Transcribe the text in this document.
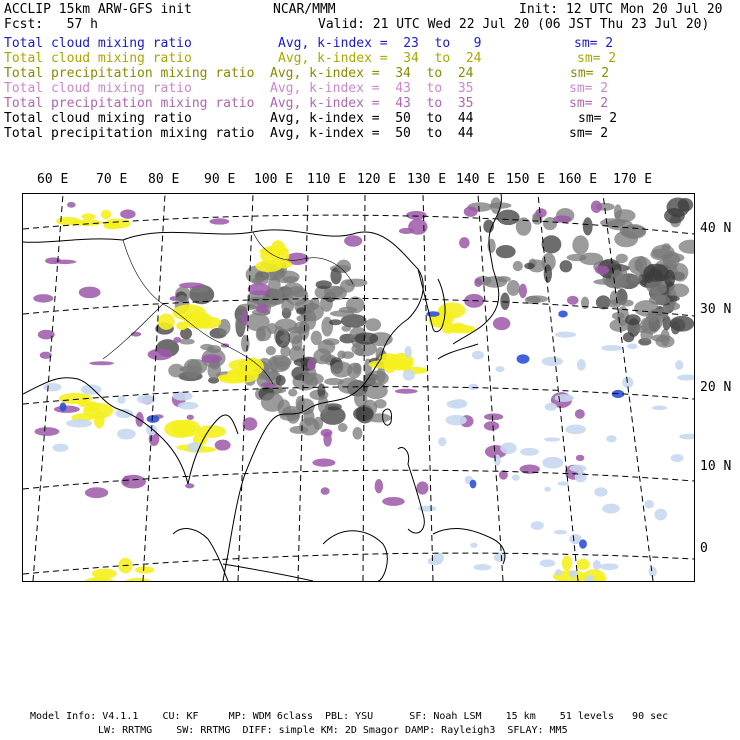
ACCLIP 15km ARW-GFS init	NCAR/MMM	Init: 12 UTC Mon 20 Jul 20
Fcst:   57 h	Valid: 21 UTC Wed 22 Jul 20 (06 JST Thu 23 Jul 20)
Total cloud mixing ratio	Avg, k-index =  23  to   9	sm= 2
Total cloud mixing ratio	Avg, k-index =  34  to  24	sm= 2
Total precipitation mixing ratio Avg, k-index =  34  to  24	sm= 2
Total cloud mixing ratio	Avg, k-index =  43  to  35	sm= 2
Total precipitation mixing ratio Avg, k-index =  43  to  35	sm= 2
Total cloud mixing ratio	Avg, k-index =  50  to  44	sm= 2
Total precipitation mixing ratio Avg, k-index =  50  to  44	sm= 2
60 E 70 E 80 E 90 E 100 E 110 E 120 E 130 E 140 E 150 E 160 E 170 E
40 N
30 N
20 N
10 N
0
Model Info: V4.1.1    CU: KF     MP: WDM 6class  PBL: YSU      SF: Noah LSM    15 km    51 levels   90 sec
LW: RRTMG    SW: RRTMG  DIFF: simple KM: 2D Smagor DAMP: Rayleigh3  SFLAY: MM5
